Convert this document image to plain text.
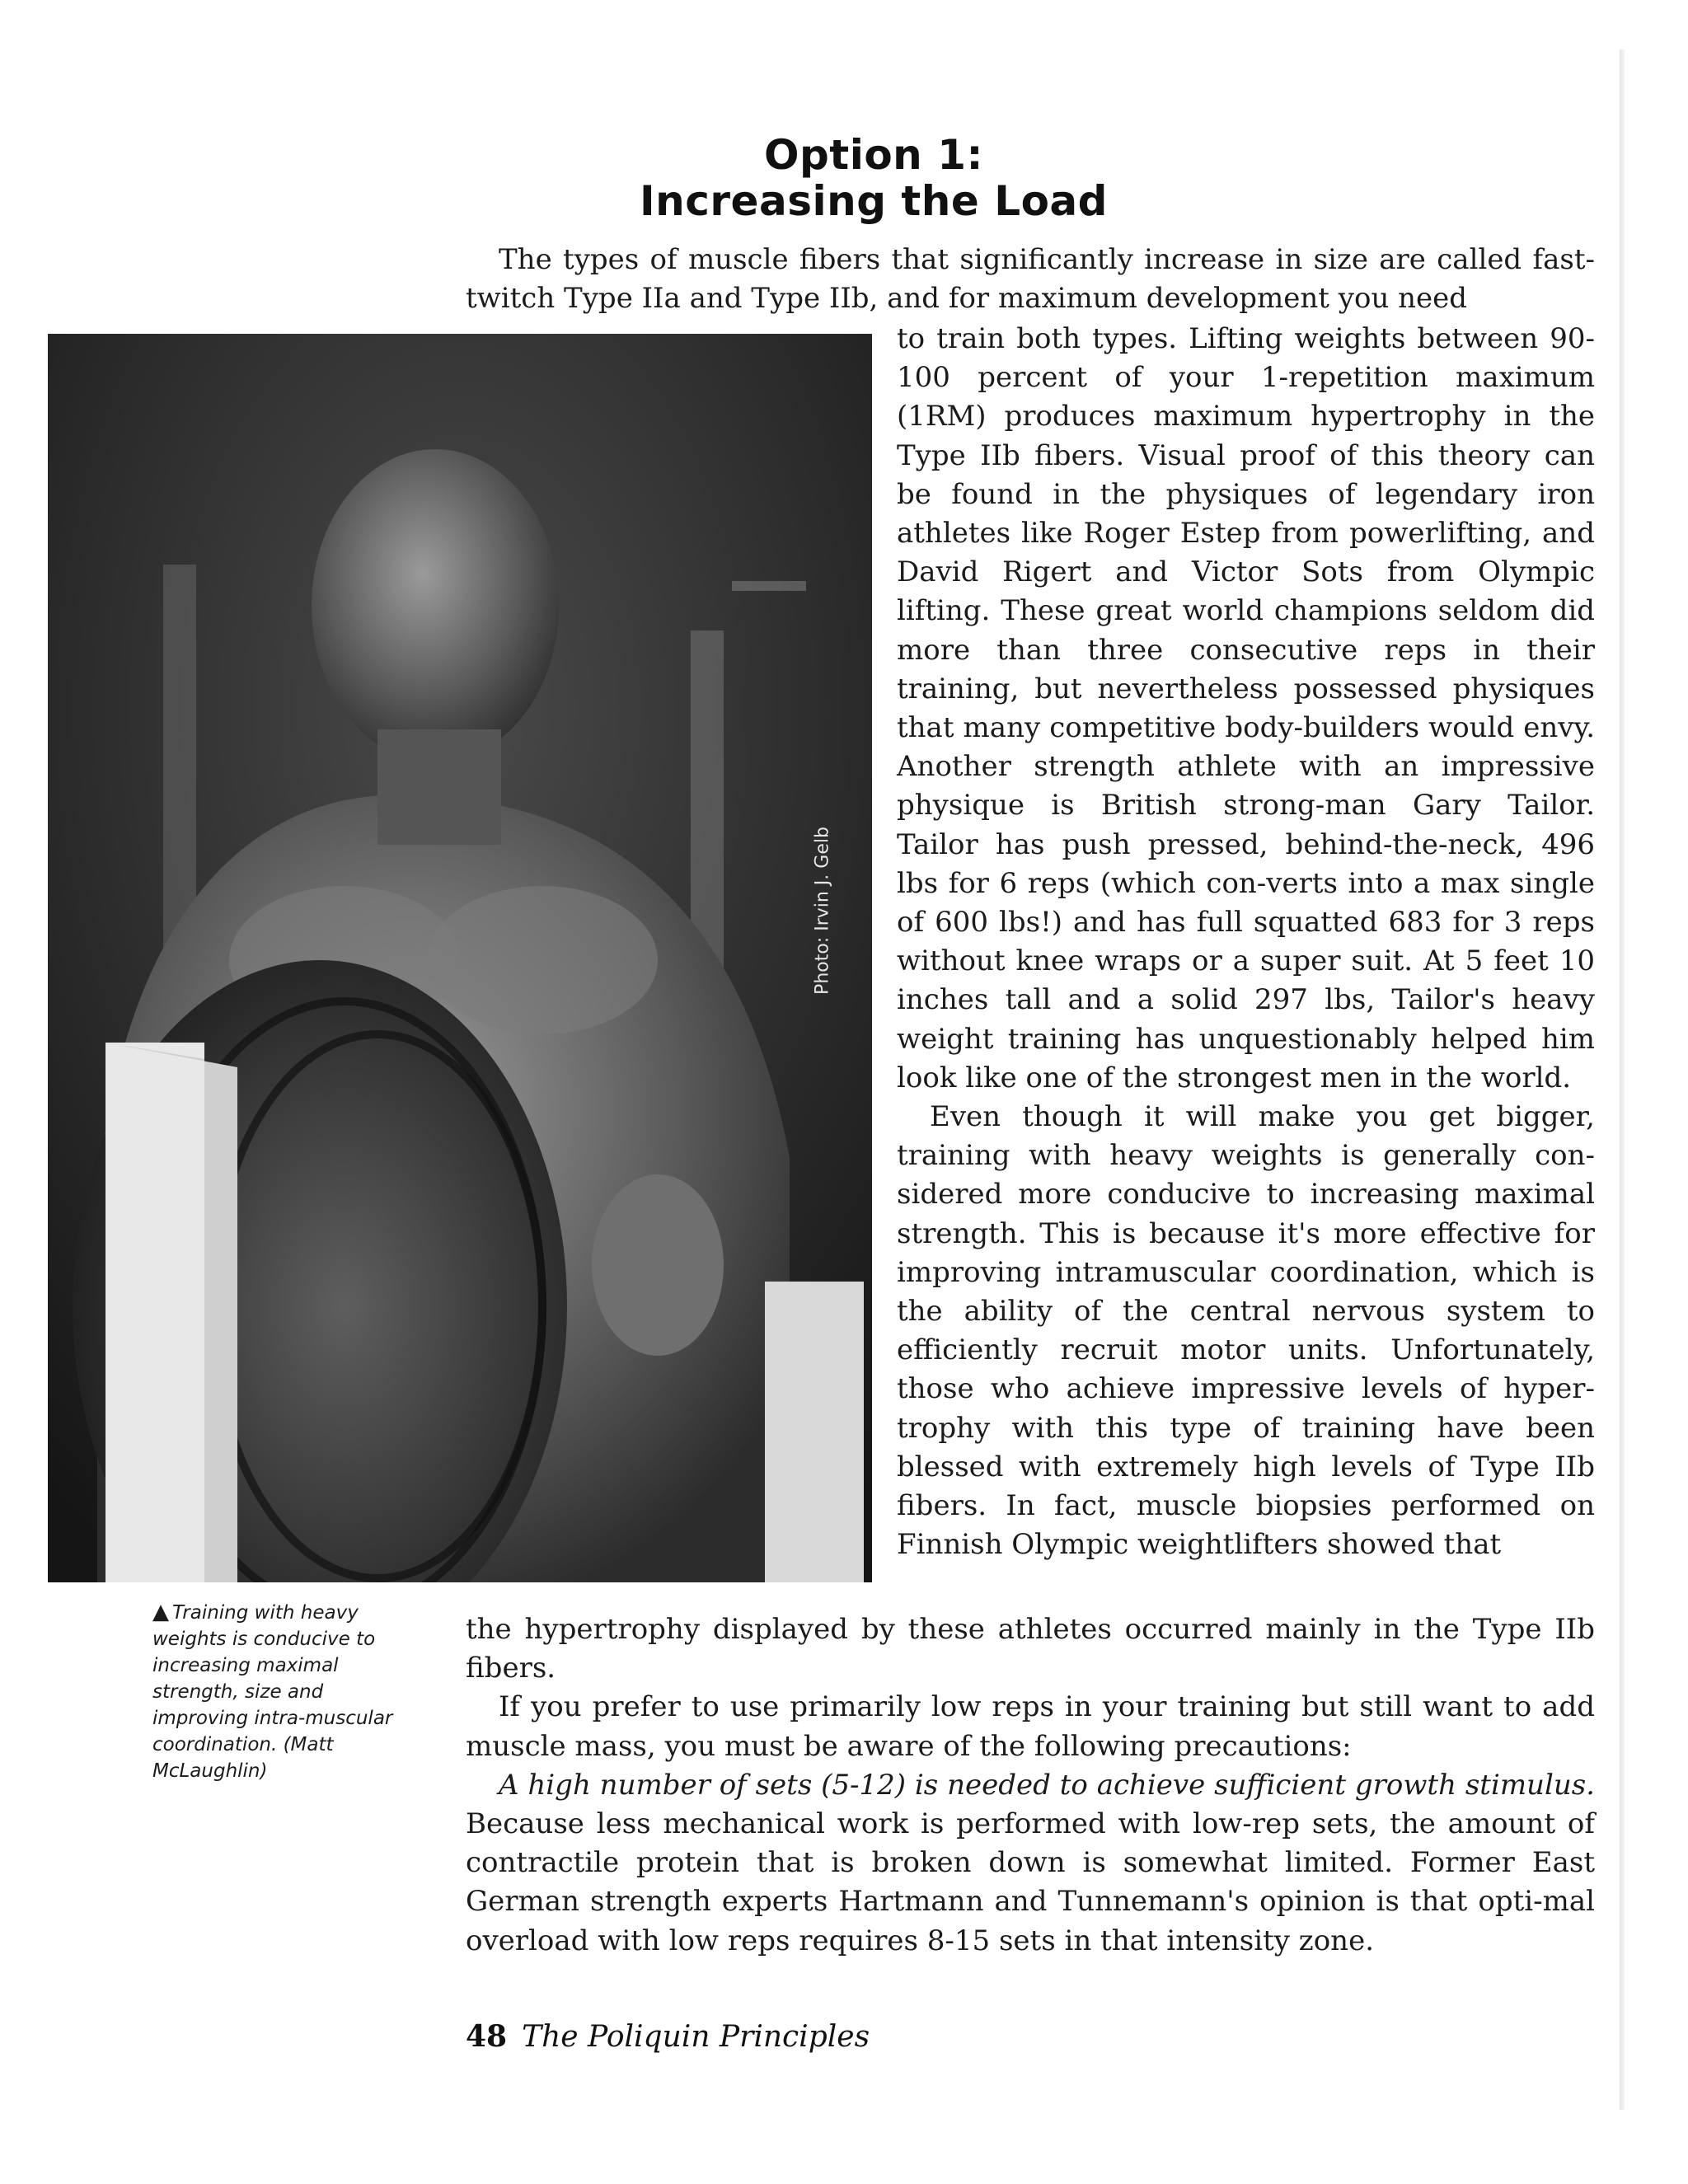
Option 1:
Increasing the Load

The types of muscle fibers that significantly increase in size are called fast-twitch Type IIa and Type IIb, and for maximum development you need

Photo: Irvin J. Gelb

to train both types. Lifting weights between 90-100 percent of your 1-repetition maximum (1RM) produces maximum hypertrophy in the Type IIb fibers. Visual proof of this theory can be found in the physiques of legendary iron athletes like Roger Estep from powerlifting, and David Rigert and Victor Sots from Olympic lifting. These great world champions seldom did more than three consecutive reps in their training, but nevertheless possessed physiques that many competitive body-builders would envy. Another strength athlete with an impressive physique is British strong-man Gary Tailor. Tailor has push pressed, behind-the-neck, 496 lbs for 6 reps (which con-verts into a max single of 600 lbs!) and has full squatted 683 for 3 reps without knee wraps or a super suit. At 5 feet 10 inches tall and a solid 297 lbs, Tailor's heavy weight training has unquestionably helped him look like one of the strongest men in the world.

Even though it will make you get bigger, training with heavy weights is generally con-sidered more conducive to increasing maximal strength. This is because it's more effective for improving intramuscular coordination, which is the ability of the central nervous system to efficiently recruit motor units. Unfortunately, those who achieve impressive levels of hyper-trophy with this type of training have been blessed with extremely high levels of Type IIb fibers. In fact, muscle biopsies performed on Finnish Olympic weightlifters showed that

▲ Training with heavy weights is conducive to increasing maximal strength, size and improving intra-muscular coordination. (Matt McLaughlin)

the hypertrophy displayed by these athletes occurred mainly in the Type IIb fibers.

If you prefer to use primarily low reps in your training but still want to add muscle mass, you must be aware of the following precautions:

A high number of sets (5-12) is needed to achieve sufficient growth stimulus. Because less mechanical work is performed with low-rep sets, the amount of contractile protein that is broken down is somewhat limited. Former East German strength experts Hartmann and Tunnemann's opinion is that opti-mal overload with low reps requires 8-15 sets in that intensity zone.

48 The Poliquin Principles
